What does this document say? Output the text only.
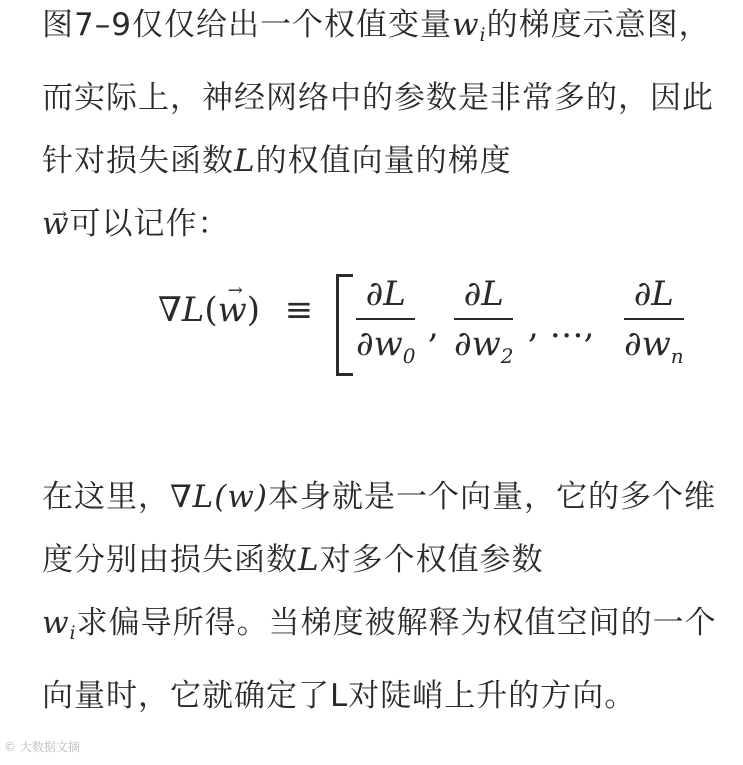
图7–9仅仅给出一个权值变量$w_i$的梯度示意图，而实际上，神经网络中的参数是非常多的，因此针对损失函数L的权值向量的梯度
w →可以记作：
∇L(w →) ≡ ∂L
$\partial w_0$
,
∂L
$\partial w_2$
, …,
∂L
$\partial w_n$
在这里，∇L(w)本身就是一个向量，它的多个维度分别由损失函数L对多个权值参数
$w_i$求偏导所得。当梯度被解释为权值空间的一个向量时，它就确定了L对陡峭上升的方向。
© 大数据文摘
